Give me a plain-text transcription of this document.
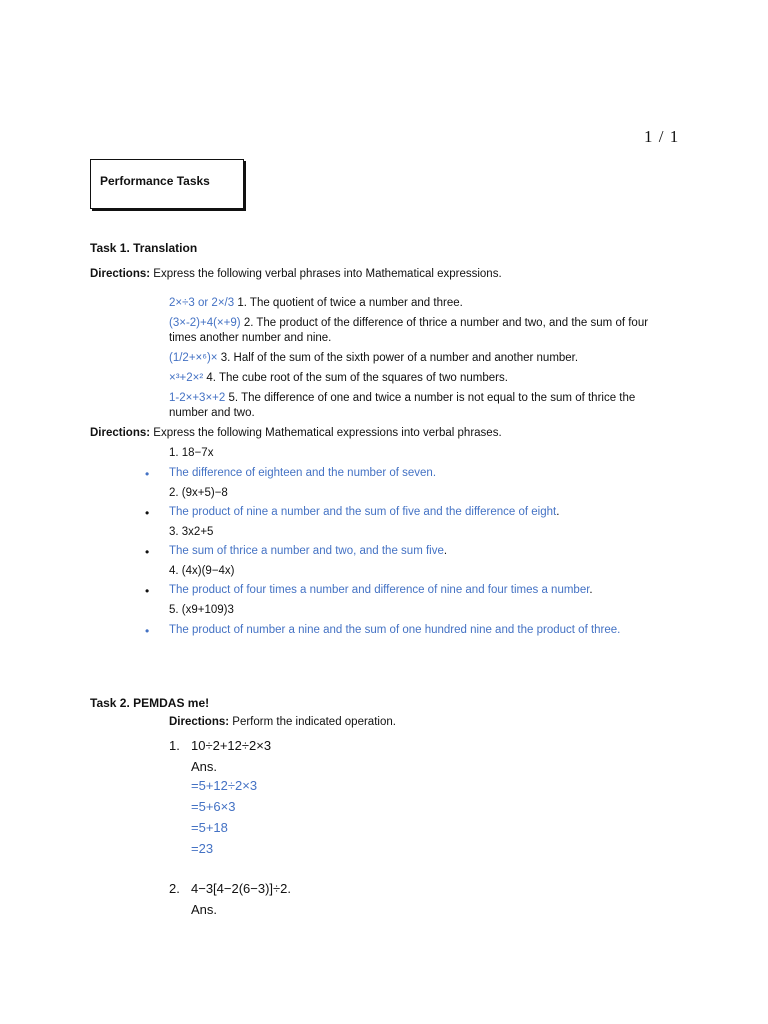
1 / 1
Performance Tasks
Task 1. Translation
Directions: Express the following verbal phrases into Mathematical expressions.
2×÷3 or 2×/3 1. The quotient of twice a number and three.
(3×-2)+4(×+9) 2. The product of the difference of thrice a number and two, and the sum of four
times another number and nine.
(1/2+×⁶)× 3. Half of the sum of the sixth power of a number and another number.
×³+2×² 4. The cube root of the sum of the squares of two numbers.
1-2×+3×+2 5. The difference of one and twice a number is not equal to the sum of thrice the
number and two.
Directions: Express the following Mathematical expressions into verbal phrases.
1. 18−7x
• The difference of eighteen and the number of seven.
2. (9x+5)−8
• The product of nine a number and the sum of five and the difference of eight.
3. 3x2+5
• The sum of thrice a number and two, and the sum five.
4. (4x)(9−4x)
• The product of four times a number and difference of nine and four times a number.
5. (x9+109)3
• The product of number a nine and the sum of one hundred nine and the product of three.
Task 2. PEMDAS me!
Directions: Perform the indicated operation.
1. 10÷2+12÷2×3
Ans.
=5+12÷2×3
=5+6×3
=5+18
=23
2. 4−3[4−2(6−3)]÷2.
Ans.
